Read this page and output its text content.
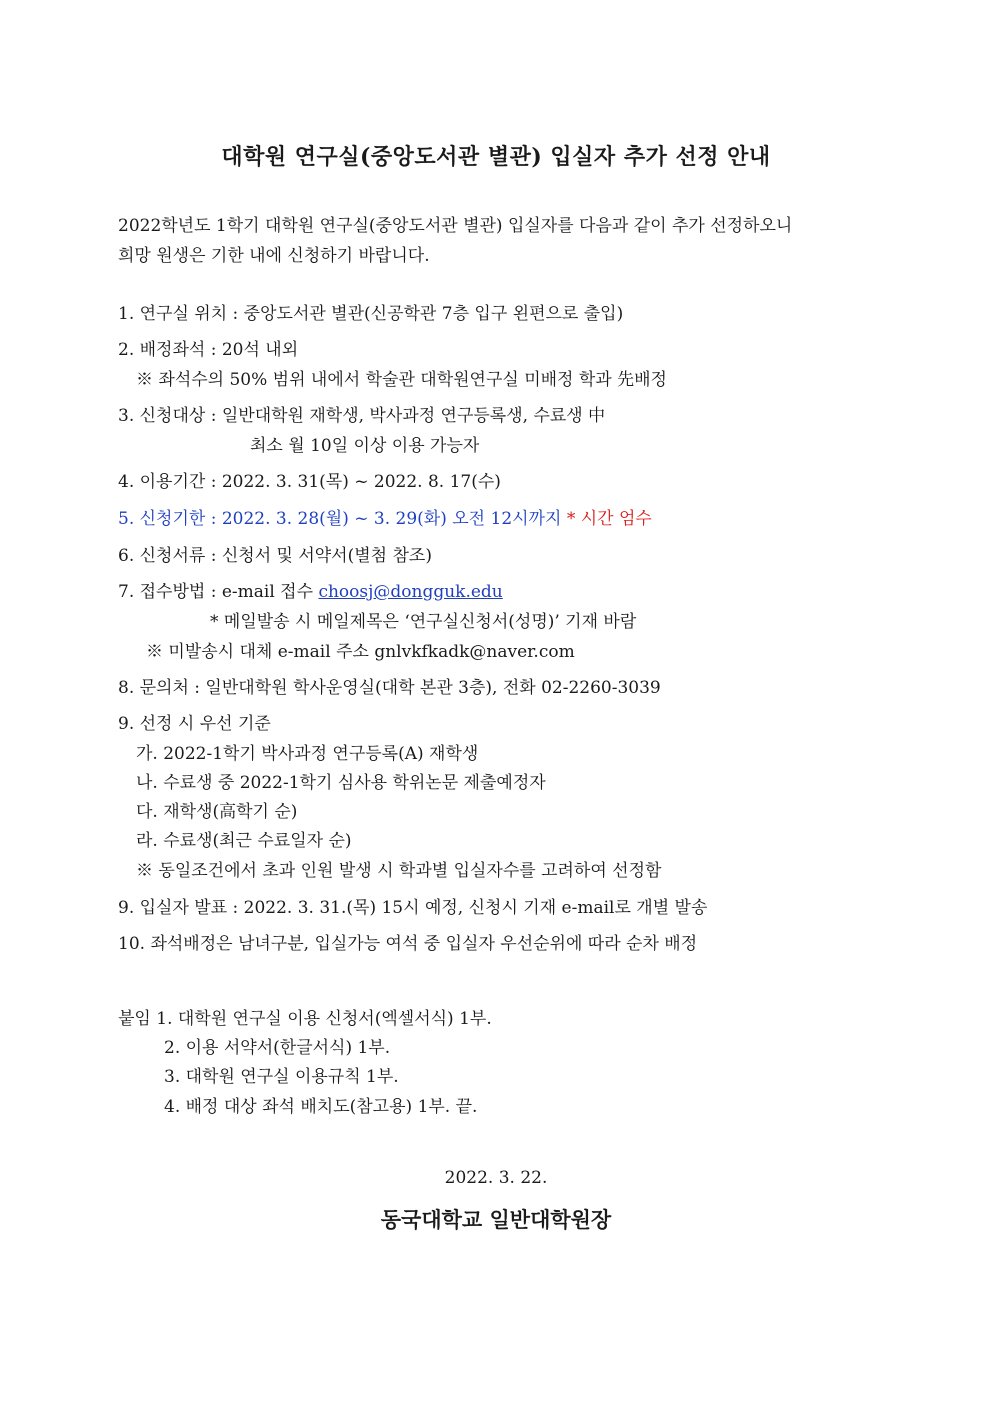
대학원 연구실(중앙도서관 별관) 입실자 추가 선정 안내
2022학년도 1학기 대학원 연구실(중앙도서관 별관) 입실자를 다음과 같이 추가 선정하오니
희망 원생은 기한 내에 신청하기 바랍니다.
1. 연구실 위치 : 중앙도서관 별관(신공학관 7층 입구 왼편으로 출입)
2. 배정좌석 : 20석 내외
※ 좌석수의 50% 범위 내에서 학술관 대학원연구실 미배정 학과 先배정
3. 신청대상 : 일반대학원 재학생, 박사과정 연구등록생, 수료생 中
최소 월 10일 이상 이용 가능자
4. 이용기간 : 2022. 3. 31(목) ~ 2022. 8. 17(수)
5. 신청기한 : 2022. 3. 28(월) ~ 3. 29(화) 오전 12시까지 * 시간 엄수
6. 신청서류 : 신청서 및 서약서(별첨 참조)
7. 접수방법 : e-mail 접수 choosj@dongguk.edu
* 메일발송 시 메일제목은 ‘연구실신청서(성명)’ 기재 바람
※ 미발송시 대체 e-mail 주소 gnlvkfkadk@naver.com
8. 문의처 : 일반대학원 학사운영실(대학 본관 3층), 전화 02-2260-3039
9. 선정 시 우선 기준
가. 2022-1학기 박사과정 연구등록(A) 재학생
나. 수료생 중 2022-1학기 심사용 학위논문 제출예정자
다. 재학생(高학기 순)
라. 수료생(최근 수료일자 순)
※ 동일조건에서 초과 인원 발생 시 학과별 입실자수를 고려하여 선정함
9. 입실자 발표 : 2022. 3. 31.(목) 15시 예정, 신청시 기재 e-mail로 개별 발송
10. 좌석배정은 남녀구분, 입실가능 여석 중 입실자 우선순위에 따라 순차 배정
붙임 1. 대학원 연구실 이용 신청서(엑셀서식) 1부.
2. 이용 서약서(한글서식) 1부.
3. 대학원 연구실 이용규칙 1부.
4. 배정 대상 좌석 배치도(참고용) 1부. 끝.
2022. 3. 22.
동국대학교 일반대학원장
